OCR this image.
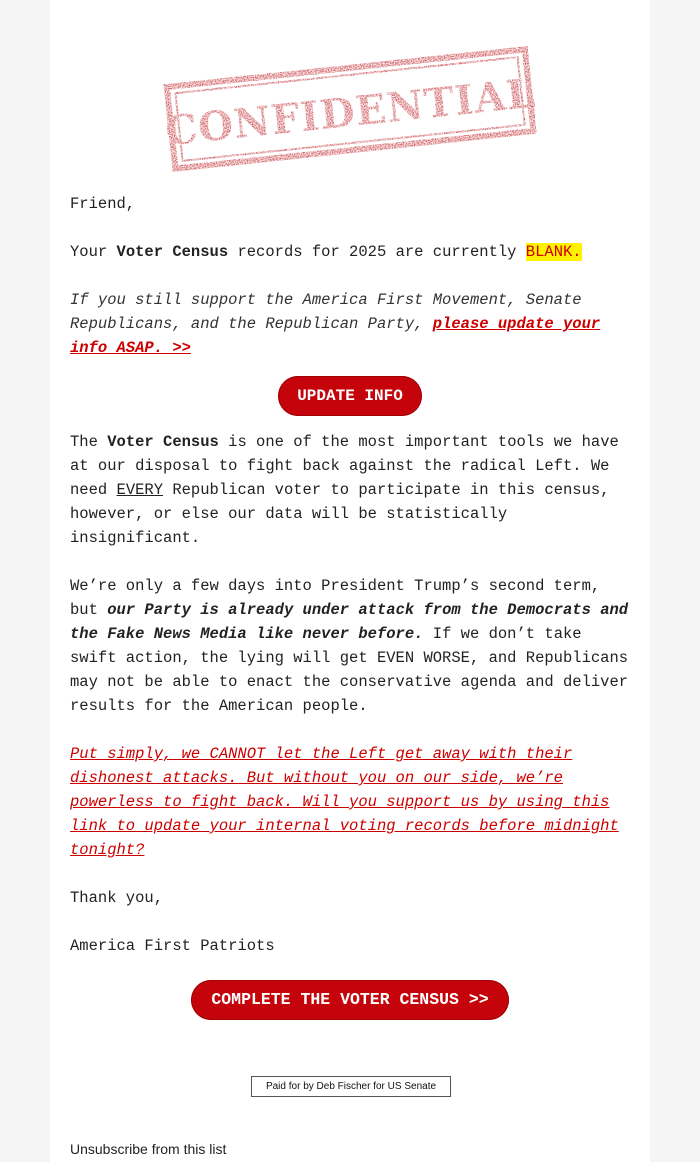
CONFIDENTIAL

Friend,

Your Voter Census records for 2025 are currently BLANK.

If you still support the America First Movement, Senate Republicans, and the Republican Party, please update your info ASAP. >>

UPDATE INFO

The Voter Census is one of the most important tools we have at our disposal to fight back against the radical Left. We need EVERY Republican voter to participate in this census, however, or else our data will be statistically insignificant.

We’re only a few days into President Trump’s second term, but our Party is already under attack from the Democrats and the Fake News Media like never before. If we don’t take swift action, the lying will get EVEN WORSE, and Republicans may not be able to enact the conservative agenda and deliver results for the American people.

Put simply, we CANNOT let the Left get away with their dishonest attacks. But without you on our side, we’re powerless to fight back. Will you support us by using this link to update your internal voting records before midnight tonight?

Thank you,

America First Patriots

COMPLETE THE VOTER CENSUS >>
Paid for by Deb Fischer for US Senate
Unsubscribe from this list
